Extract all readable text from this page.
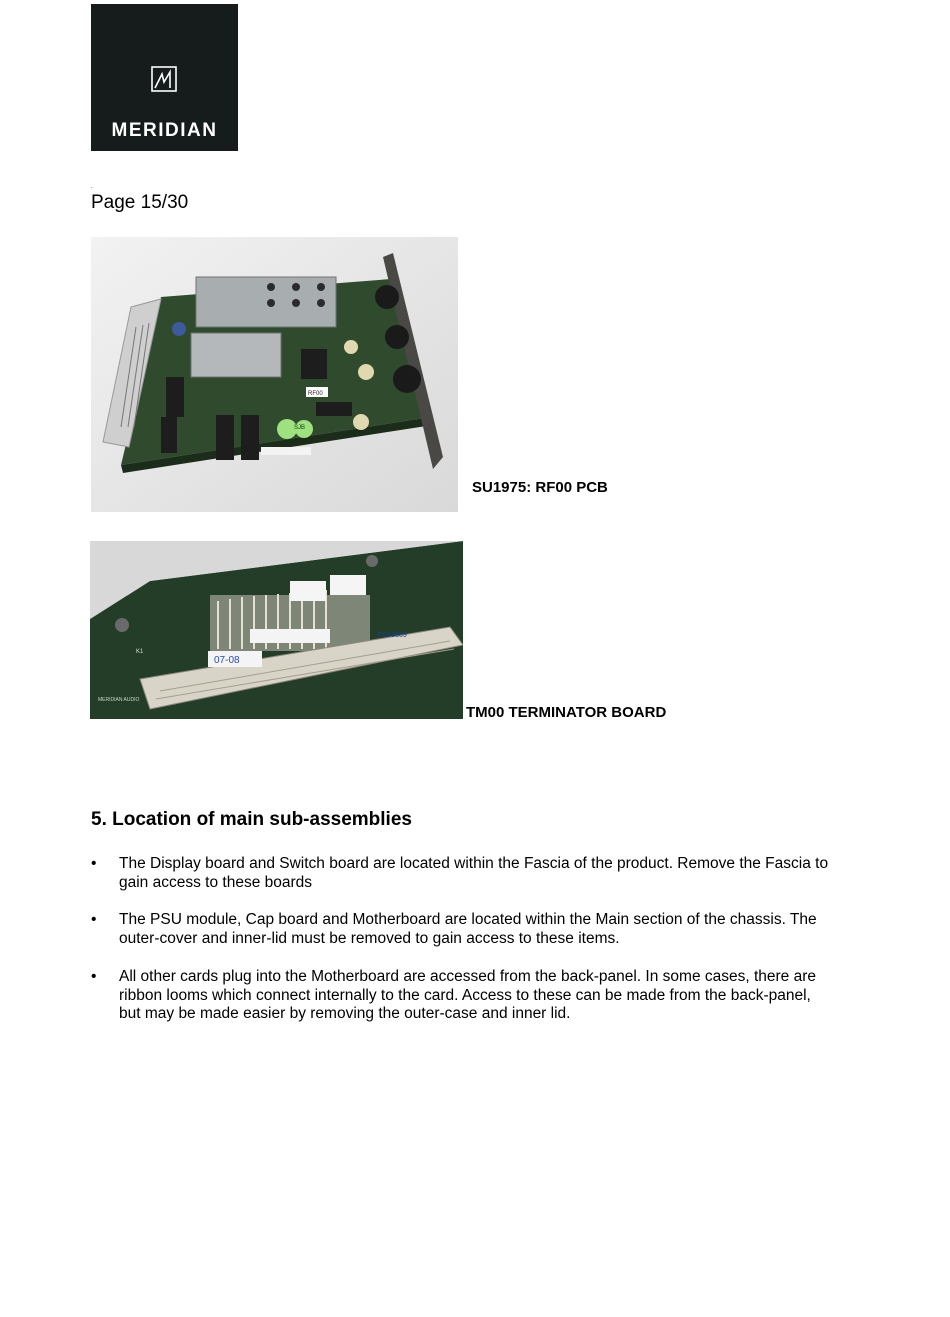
MERIDIAN
.
Page 15/30
RF00
SJB
SU1975: RF00 PCB
07-08
MERIDIAN AUDIO
FCI 9609
K1
TM00 TERMINATOR BOARD
5. Location of main sub-assemblies
• The Display board and Switch board are located within the Fascia of the product. Remove the Fascia to gain access to these boards
• The PSU module, Cap board and Motherboard are located within the Main section of the chassis. The outer-cover and inner-lid must be removed to gain access to these items.
• All other cards plug into the Motherboard are accessed from the back-panel. In some cases, there are ribbon looms which connect internally to the card. Access to these can be made from the back-panel, but may be made easier by removing the outer-case and inner lid.
